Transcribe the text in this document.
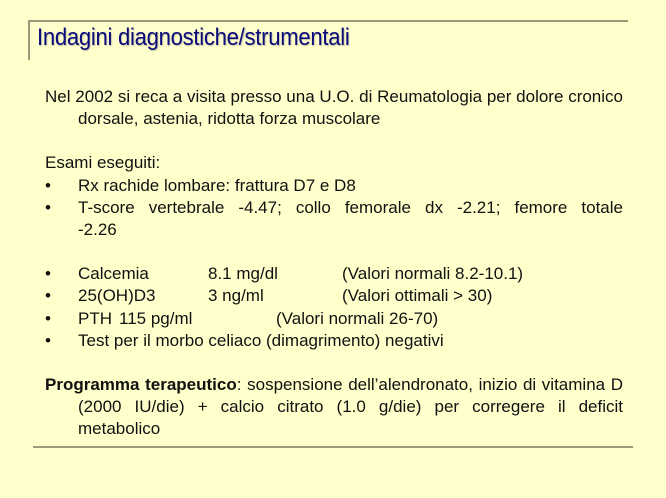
Indagini diagnostiche/strumentali

Nel 2002 si reca a visita presso una U.O. di Reumatologia per dolore cronico dorsale, astenia, ridotta forza muscolare

Esami eseguiti:

•	Rx rachide lombare: frattura D7 e D8
•	T-score vertebrale -4.47; collo femorale dx -2.21; femore totale -2.26
• Calcemia	8.1 mg/dl	(Valori normali 8.2-10.1)
• 25(OH)D3	3 ng/ml	(Valori ottimali > 30)
• PTH 115 pg/ml	(Valori normali 26-70)
•	Test per il morbo celiaco (dimagrimento) negativi

Programma terapeutico: sospensione dell’alendronato, inizio di vitamina D (2000 IU/die) + calcio citrato (1.0 g/die) per corregere il deficit metabolico
